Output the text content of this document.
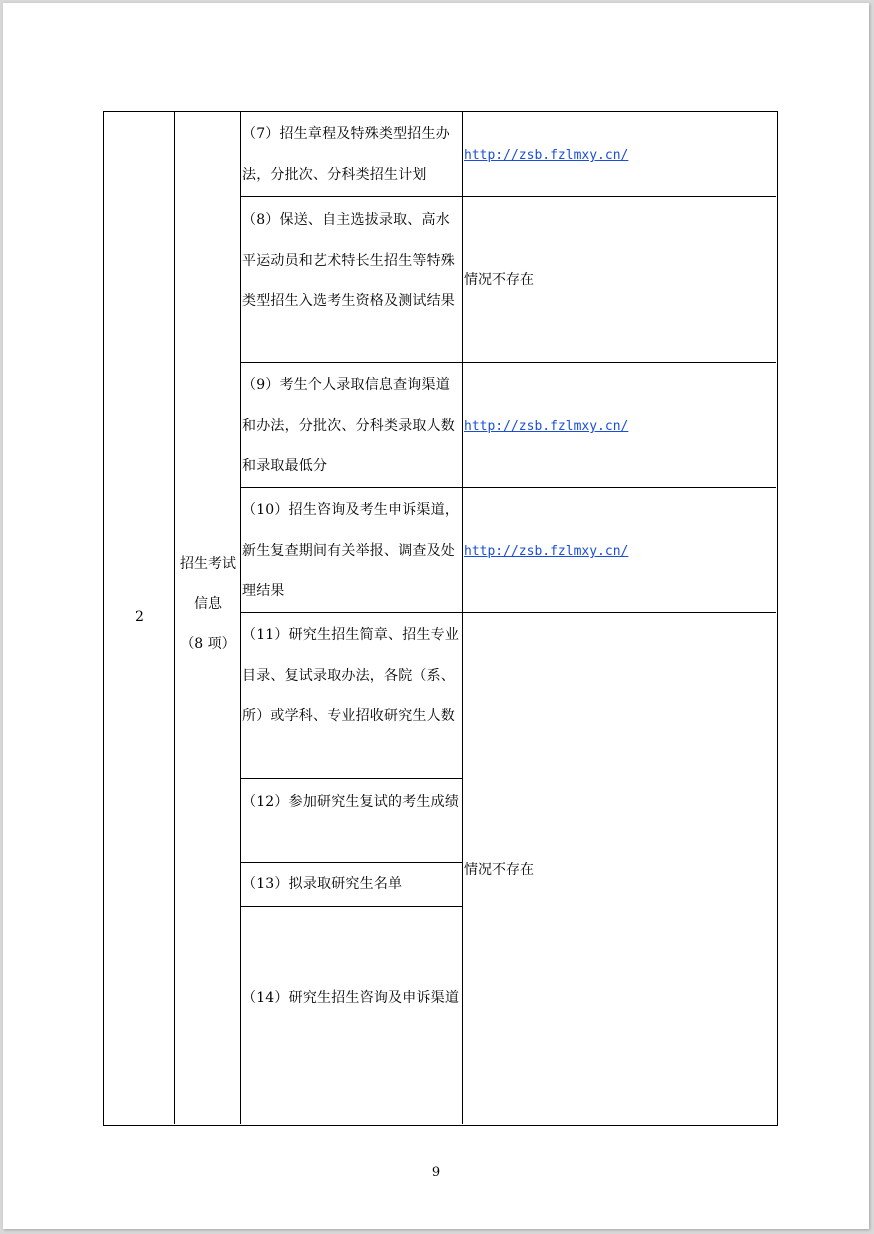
2
招生考试
信息
（8 项）
（7）招生章程及特殊类型招生办法，分批次、分科类招生计划
（8）保送、自主选拔录取、高水平运动员和艺术特长生招生等特殊类型招生入选考生资格及测试结果
（9）考生个人录取信息查询渠道和办法，分批次、分科类录取人数和录取最低分
（10）招生咨询及考生申诉渠道，新生复查期间有关举报、调查及处理结果
（11）研究生招生简章、招生专业目录、复试录取办法，各院（系、所）或学科、专业招收研究生人数
（12）参加研究生复试的考生成绩
（13）拟录取研究生名单
（14）研究生招生咨询及申诉渠道
http://zsb.fzlmxy.cn/
情况不存在
http://zsb.fzlmxy.cn/
http://zsb.fzlmxy.cn/
情况不存在
9
